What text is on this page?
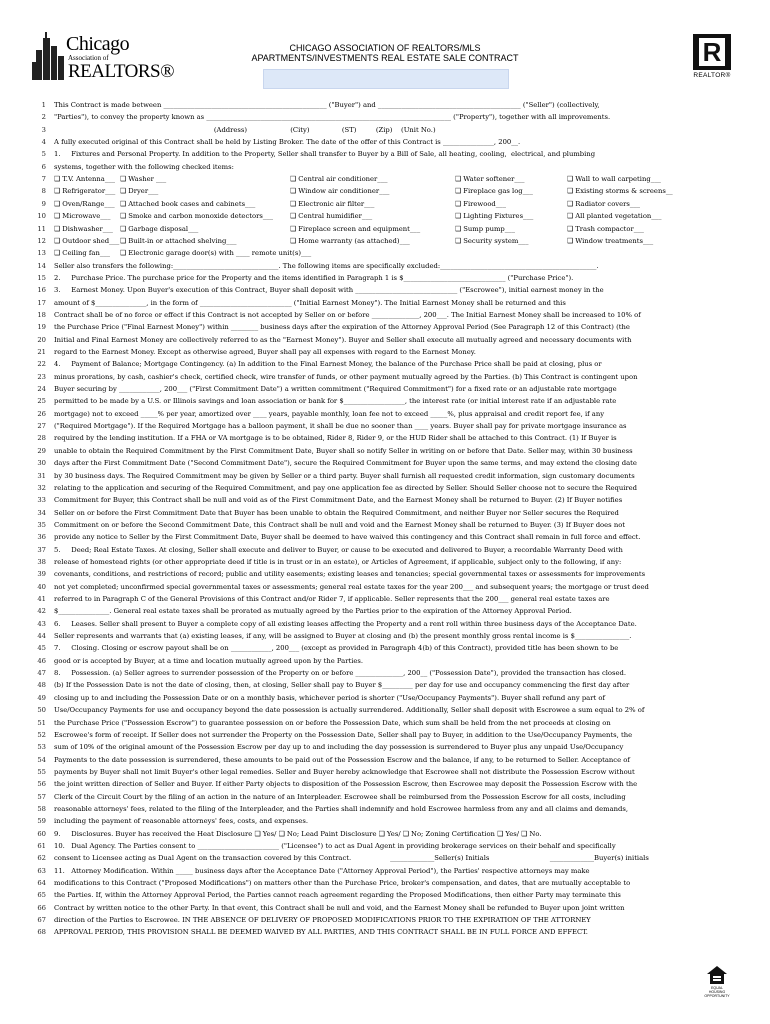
Chicago
Association of
REALTORS®
CHICAGO ASSOCIATION OF REALTORS/MLS
APARTMENTS/INVESTMENTS REAL ESTATE SALE CONTRACT	R
REALTOR®
1 This Contract is made between ________________________________________________ ("Buyer") and __________________________________________ ("Seller") (collectively,
2 "Parties"), to convey the property known as ________________________________________________________________________ ("Property"), together with all improvements.
3 (Address)                    (City)               (ST)         (Zip)    (Unit No.)
4 A fully executed original of this Contract shall be held by Listing Broker. The date of the offer of this Contract is _______________, 200__.
5 1.     Fixtures and Personal Property. In addition to the Property, Seller shall transfer to Buyer by a Bill of Sale, all heating, cooling,  electrical, and plumbing
6 systems, together with the following checked items:
7 ❑ T.V. Antenna___ ❑ Washer ___	❑ Central air conditioner___	❑ Water softener___	❑ Wall to wall carpeting___
8 ❑ Refrigerator___ ❑ Dryer___	❑ Window air conditioner___	❑ Fireplace gas log___	❑ Existing storms & screens__
9 ❑ Oven/Range___ ❑ Attached book cases and cabinets___	❑ Electronic air filter___	❑ Firewood___	❑ Radiator covers___
10 ❑ Microwave___ ❑ Smoke and carbon monoxide detectors___ ❑ Central humidifier___	❑ Lighting Fixtures___	❑ All planted vegetation___
11 ❑ Dishwasher___ ❑ Garbage disposal___	❑ Fireplace screen and equipment___	❑ Sump pump___	❑ Trash compactor___
12 ❑ Outdoor shed___ ❑ Built-in or attached shelving___	❑ Home warranty (as attached)___	❑ Security system___	❑ Window treatments___
13 ❑ Ceiling fan___ ❑ Electronic garage door(s) with ____ remote unit(s)___
14 Seller also transfers the following:_______________________________. The following items are specifically excluded:______________________________________________.
15 2.     Purchase Price. The purchase price for the Property and the items identified in Paragraph 1 is $______________________________ ("Purchase Price").
16 3.     Earnest Money. Upon Buyer's execution of this Contract, Buyer shall deposit with ______________________________ ("Escrowee"), initial earnest money in the
17 amount of $_______________, in the form of ___________________________ ("Initial Earnest Money"). The Initial Earnest Money shall be returned and this
18 Contract shall be of no force or effect if this Contract is not accepted by Seller on or before ______________, 200___. The Initial Earnest Money shall be increased to 10% of
19 the Purchase Price ("Final Earnest Money") within ________ business days after the expiration of the Attorney Approval Period (See Paragraph 12 of this Contract) (the
20 Initial and Final Earnest Money are collectively referred to as the "Earnest Money"). Buyer and Seller shall execute all mutually agreed and necessary documents with
21 regard to the Earnest Money. Except as otherwise agreed, Buyer shall pay all expenses with regard to the Earnest Money.
22 4.     Payment of Balance; Mortgage Contingency. (a) In addition to the Final Earnest Money, the balance of the Purchase Price shall be paid at closing, plus or
23 minus prorations, by cash, cashier's check, certified check, wire transfer of funds, or other payment mutually agreed by the Parties. (b) This Contract is contingent upon
24 Buyer securing by ____________, 200___ ("First Commitment Date") a written commitment ("Required Commitment") for a fixed rate or an adjustable rate mortgage
25 permitted to be made by a U.S. or Illinois savings and loan association or bank for $__________________, the interest rate (or initial interest rate if an adjustable rate
26 mortgage) not to exceed _____% per year, amortized over ____ years, payable monthly, loan fee not to exceed _____%, plus appraisal and credit report fee, if any
27 ("Required Mortgage"). If the Required Mortgage has a balloon payment, it shall be due no sooner than ____ years. Buyer shall pay for private mortgage insurance as
28 required by the lending institution. If a FHA or VA mortgage is to be obtained, Rider 8, Rider 9, or the HUD Rider shall be attached to this Contract. (1) If Buyer is
29 unable to obtain the Required Commitment by the First Commitment Date, Buyer shall so notify Seller in writing on or before that Date. Seller may, within 30 business
30 days after the First Commitment Date ("Second Commitment Date"), secure the Required Commitment for Buyer upon the same terms, and may extend the closing date
31 by 30 business days. The Required Commitment may be given by Seller or a third party. Buyer shall furnish all requested credit information, sign customary documents
32 relating to the application and securing of the Required Commitment, and pay one application fee as directed by Seller. Should Seller choose not to secure the Required
33 Commitment for Buyer, this Contract shall be null and void as of the First Commitment Date, and the Earnest Money shall be returned to Buyer. (2) If Buyer notifies
34 Seller on or before the First Commitment Date that Buyer has been unable to obtain the Required Commitment, and neither Buyer nor Seller secures the Required
35 Commitment on or before the Second Commitment Date, this Contract shall be null and void and the Earnest Money shall be returned to Buyer. (3) If Buyer does not
36 provide any notice to Seller by the First Commitment Date, Buyer shall be deemed to have waived this contingency and this Contract shall remain in full force and effect.
37 5.     Deed; Real Estate Taxes. At closing, Seller shall execute and deliver to Buyer, or cause to be executed and delivered to Buyer, a recordable Warranty Deed with
38 release of homestead rights (or other appropriate deed if title is in trust or in an estate), or Articles of Agreement, if applicable, subject only to the following, if any:
39 covenants, conditions, and restrictions of record; public and utility easements; existing leases and tenancies; special governmental taxes or assessments for improvements
40 not yet completed; unconfirmed special governmental taxes or assessments; general real estate taxes for the year 200___ and subsequent years; the mortgage or trust deed
41 referred to in Paragraph C of the General Provisions of this Contract and/or Rider 7, if applicable. Seller represents that the 200___ general real estate taxes are
42 $_______________. General real estate taxes shall be prorated as mutually agreed by the Parties prior to the expiration of the Attorney Approval Period.
43 6.     Leases. Seller shall present to Buyer a complete copy of all existing leases affecting the Property and a rent roll within three business days of the Acceptance Date.
44 Seller represents and warrants that (a) existing leases, if any, will be assigned to Buyer at closing and (b) the present monthly gross rental income is $________________.
45 7.     Closing. Closing or escrow payout shall be on ____________, 200___ (except as provided in Paragraph 4(b) of this Contract), provided title has been shown to be
46 good or is accepted by Buyer, at a time and location mutually agreed upon by the Parties.
47 8.     Possession. (a) Seller agrees to surrender possession of the Property on or before ______________, 200__ ("Possession Date"), provided the transaction has closed.
48 (b) If the Possession Date is not the date of closing, then, at closing, Seller shall pay to Buyer $_________ per day for use and occupancy commencing the first day after
49 closing up to and including the Possession Date or on a monthly basis, whichever period is shorter ("Use/Occupancy Payments"). Buyer shall refund any part of
50 Use/Occupancy Payments for use and occupancy beyond the date possession is actually surrendered. Additionally, Seller shall deposit with Escrowee a sum equal to 2% of
51 the Purchase Price ("Possession Escrow") to guarantee possession on or before the Possession Date, which sum shall be held from the net proceeds at closing on
52 Escrowee's form of receipt. If Seller does not surrender the Property on the Possession Date, Seller shall pay to Buyer, in addition to the Use/Occupancy Payments, the
53 sum of 10% of the original amount of the Possession Escrow per day up to and including the day possession is surrendered to Buyer plus any unpaid Use/Occupancy
54 Payments to the date possession is surrendered, these amounts to be paid out of the Possession Escrow and the balance, if any, to be returned to Seller. Acceptance of
55 payments by Buyer shall not limit Buyer's other legal remedies. Seller and Buyer hereby acknowledge that Escrowee shall not distribute the Possession Escrow without
56 the joint written direction of Seller and Buyer. If either Party objects to disposition of the Possession Escrow, then Escrowee may deposit the Possession Escrow with the
57 Clerk of the Circuit Court by the filing of an action in the nature of an Interpleader. Escrowee shall be reimbursed from the Possession Escrow for all costs, including
58 reasonable attorneys' fees, related to the filing of the Interpleader, and the Parties shall indemnify and hold Escrowee harmless from any and all claims and demands,
59 including the payment of reasonable attorneys' fees, costs, and expenses.
60 9.     Disclosures. Buyer has received the Heat Disclosure ❑ Yes/ ❑ No; Lead Paint Disclosure ❑ Yes/ ❑ No; Zoning Certification ❑ Yes/ ❑ No.
61 10.   Dual Agency. The Parties consent to ________________________ ("Licensee") to act as Dual Agent in providing brokerage services on their behalf and specifically
62 consent to Licensee acting as Dual Agent on the transaction covered by this Contract.                  _____________Seller(s) Initials                            _____________Buyer(s) initials
63 11.   Attorney Modification. Within _____ business days after the Acceptance Date ("Attorney Approval Period"), the Parties' respective attorneys may make
64 modifications to this Contract ("Proposed Modifications") on matters other than the Purchase Price, broker's compensation, and dates, that are mutually acceptable to
65 the Parties. If, within the Attorney Approval Period, the Parties cannot reach agreement regarding the Proposed Modifications, then either Party may terminate this
66 Contract by written notice to the other Party. In that event, this Contract shall be null and void, and the Earnest Money shall be refunded to Buyer upon joint written
67 direction of the Parties to Escrowee. IN THE ABSENCE OF DELIVERY OF PROPOSED MODIFICATIONS PRIOR TO THE EXPIRATION OF THE ATTORNEY
68 APPROVAL PERIOD, THIS PROVISION SHALL BE DEEMED WAIVED BY ALL PARTIES, AND THIS CONTRACT SHALL BE IN FULL FORCE AND EFFECT.
EQUAL HOUSING OPPORTUNITY
